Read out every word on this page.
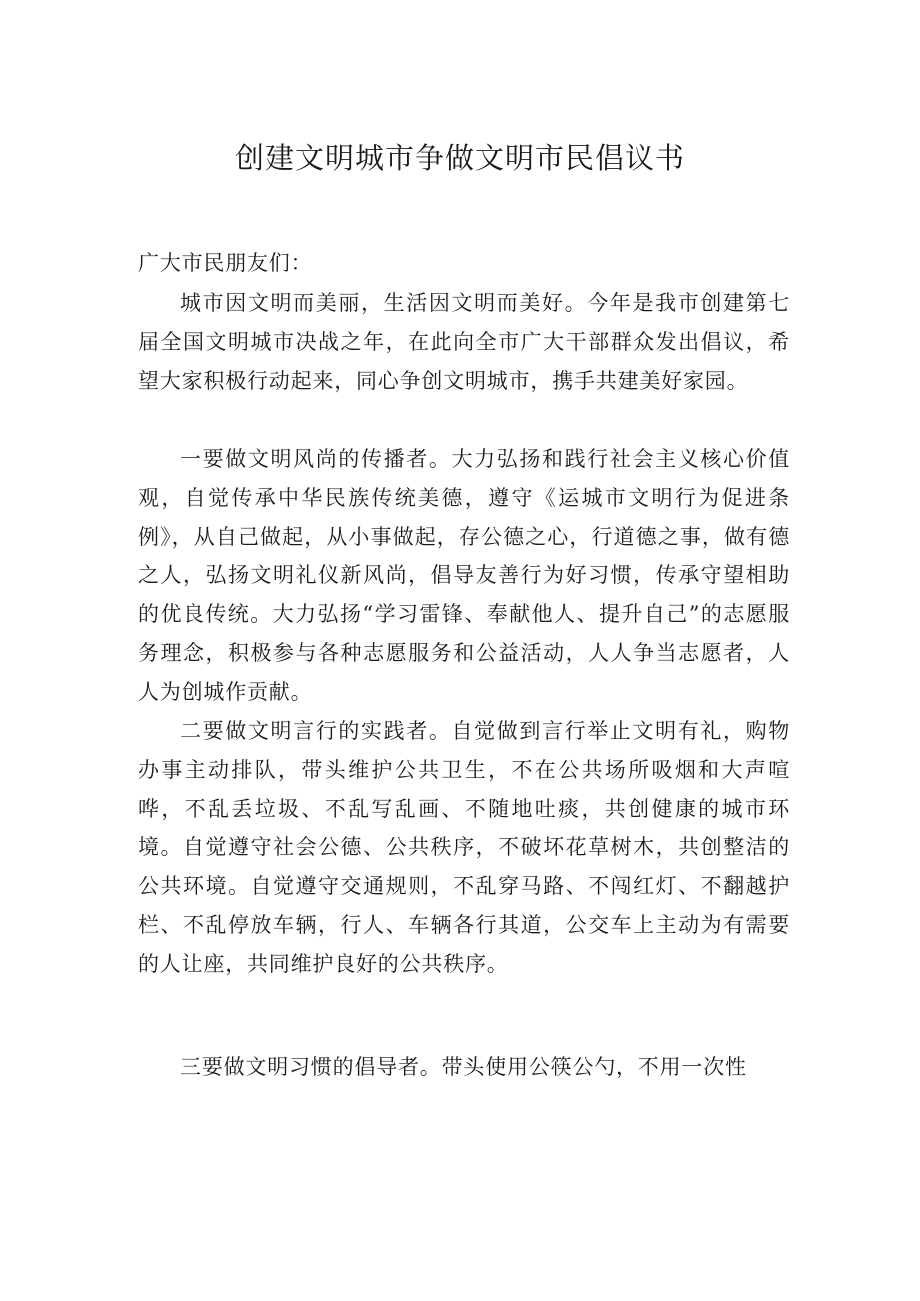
创建文明城市争做文明市民倡议书
广大市民朋友们：

城市因文明而美丽，生活因文明而美好。今年是我市创建第七届全国文明城市决战之年，在此向全市广大干部群众发出倡议，希望大家积极行动起来，同心争创文明城市，携手共建美好家园。

一要做文明风尚的传播者。大力弘扬和践行社会主义核心价值观，自觉传承中华民族传统美德，遵守《运城市文明行为促进条例》，从自己做起，从小事做起，存公德之心，行道德之事，做有德之人，弘扬文明礼仪新风尚，倡导友善行为好习惯，传承守望相助的优良传统。大力弘扬“学习雷锋、奉献他人、提升自己”的志愿服务理念，积极参与各种志愿服务和公益活动，人人争当志愿者，人人为创城作贡献。

二要做文明言行的实践者。自觉做到言行举止文明有礼，购物办事主动排队，带头维护公共卫生，不在公共场所吸烟和大声喧哗，不乱丢垃圾、不乱写乱画、不随地吐痰，共创健康的城市环境。自觉遵守社会公德、公共秩序，不破坏花草树木，共创整洁的公共环境。自觉遵守交通规则，不乱穿马路、不闯红灯、不翻越护栏、不乱停放车辆，行人、车辆各行其道，公交车上主动为有需要的人让座，共同维护良好的公共秩序。

三要做文明习惯的倡导者。带头使用公筷公勺，不用一次性
